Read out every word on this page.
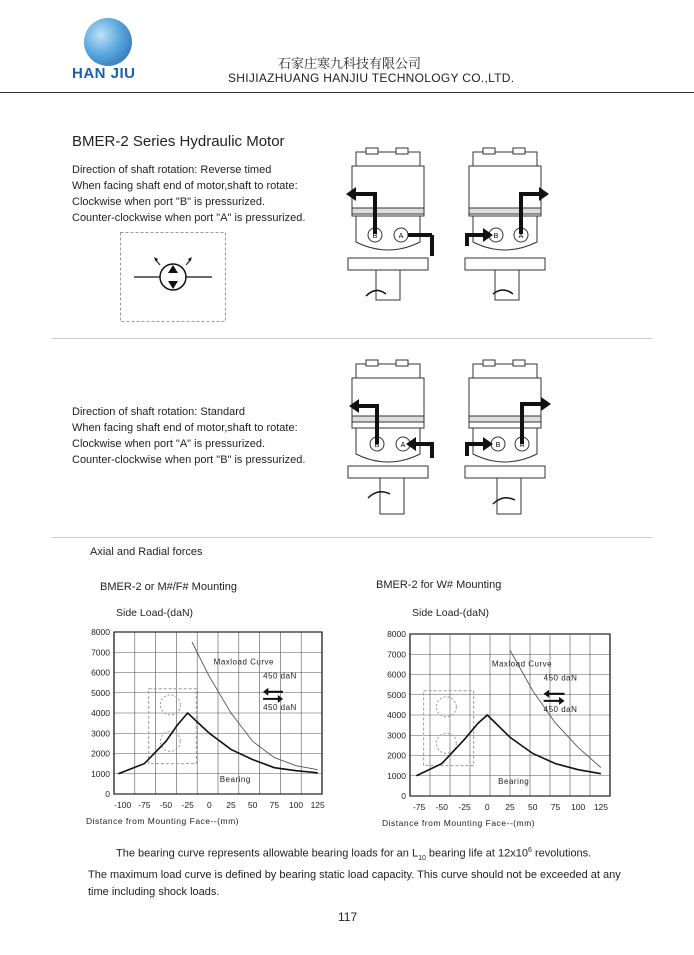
HAN JIU
石家庄寒九科技有限公司
SHIJIAZHUANG HANJIU TECHNOLOGY CO.,LTD.
BMER-2 Series Hydraulic Motor
Direction of shaft rotation: Reverse timed
When facing shaft end of motor,shaft to rotate:
Clockwise when port "B" is pressurized.
Counter-clockwise when port "A" is pressurized.
B	A	B	A
Direction of shaft rotation: Standard
When facing shaft end of motor,shaft to rotate:
Clockwise when port "A" is pressurized.
Counter-clockwise when port "B" is pressurized.
B	A	B	A
Axial and Radial forces
BMER-2 or M#/F# Mounting	BMER-2 for W# Mounting
Side Load-(daN)
0
1000
2000
3000
4000
5000
6000
7000
8000
-100 -75 -50 -25 0 25 50 75 100 125
Distance from Mounting Face--(mm)
Maxload Curve
450 daN
450 daN
Bearing
Side Load-(daN)
0
1000
2000
3000
4000
5000
6000
7000
8000
-75 -50 -25 0 25 50 75 100 125
Distance from Mounting Face--(mm)
Maxload Curve
450 daN
450 daN
Bearing
The bearing curve represents allowable bearing loads for an $L_{10}$ bearing life at $12x10^6$ revolutions.
The maximum load curve is defined by bearing static load capacity. This curve should not be exceeded at any
time including shock loads.
117
